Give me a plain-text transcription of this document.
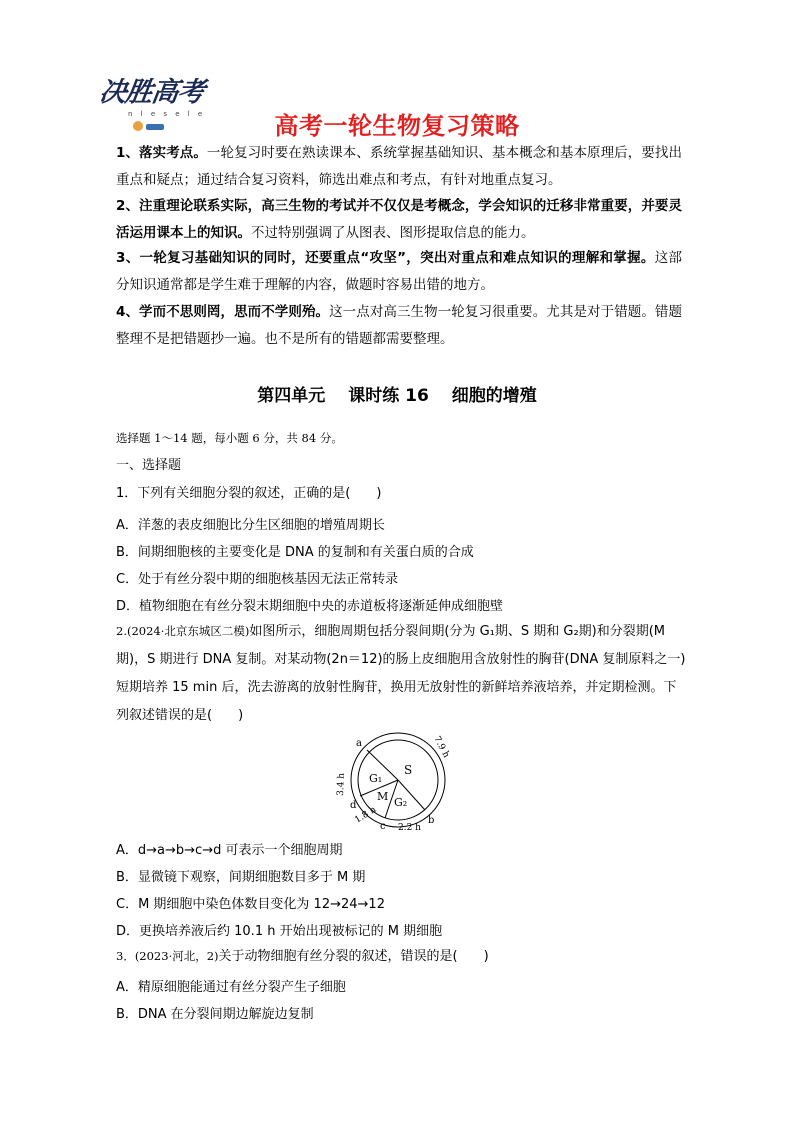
决胜高考
n l e s e l e	高考一轮生物复习策略
1、落实考点。一轮复习时要在熟读课本、系统掌握基础知识、基本概念和基本原理后，要找出重点和疑点；通过结合复习资料，筛选出难点和考点，有针对地重点复习。
2、注重理论联系实际，高三生物的考试并不仅仅是考概念，学会知识的迁移非常重要，并要灵活运用课本上的知识。不过特别强调了从图表、图形提取信息的能力。
3、一轮复习基础知识的同时，还要重点“攻坚”，突出对重点和难点知识的理解和掌握。这部分知识通常都是学生难于理解的内容，做题时容易出错的地方。
4、学而不思则罔，思而不学则殆。这一点对高三生物一轮复习很重要。尤其是对于错题。错题整理不是把错题抄一遍。也不是所有的错题都需要整理。
第四单元　 课时练 16　 细胞的增殖
选择题 1～14 题，每小题 6 分，共 84 分。
一、选择题
1．下列有关细胞分裂的叙述，正确的是(　　)
A．洋葱的表皮细胞比分生区细胞的增殖周期长
B．间期细胞核的主要变化是 DNA 的复制和有关蛋白质的合成
C．处于有丝分裂中期的细胞核基因无法正常转录
D．植物细胞在有丝分裂末期细胞中央的赤道板将逐渐延伸成细胞壁
2.(2024·北京东城区二模)如图所示，细胞周期包括分裂间期(分为 G₁期、S 期和 G₂期)和分裂期(M 期)，S 期进行 DNA 复制。对某动物(2n＝12)的肠上皮细胞用含放射性的胸苷(DNA 复制原料之一)短期培养 15 min 后，洗去游离的放射性胸苷，换用无放射性的新鲜培养液培养，并定期检测。下列叙述错误的是(　　)
S
G₁
M G₂
a
b
c
d
7.9 h
3.4 h
1.8 h
2.2 h
A．d→a→b→c→d 可表示一个细胞周期
B．显微镜下观察，间期细胞数目多于 M 期
C．M 期细胞中染色体数目变化为 12→24→12
D．更换培养液后约 10.1 h 开始出现被标记的 M 期细胞
3．(2023·河北，2)关于动物细胞有丝分裂的叙述，错误的是(　　)
A．精原细胞能通过有丝分裂产生子细胞
B．DNA 在分裂间期边解旋边复制
